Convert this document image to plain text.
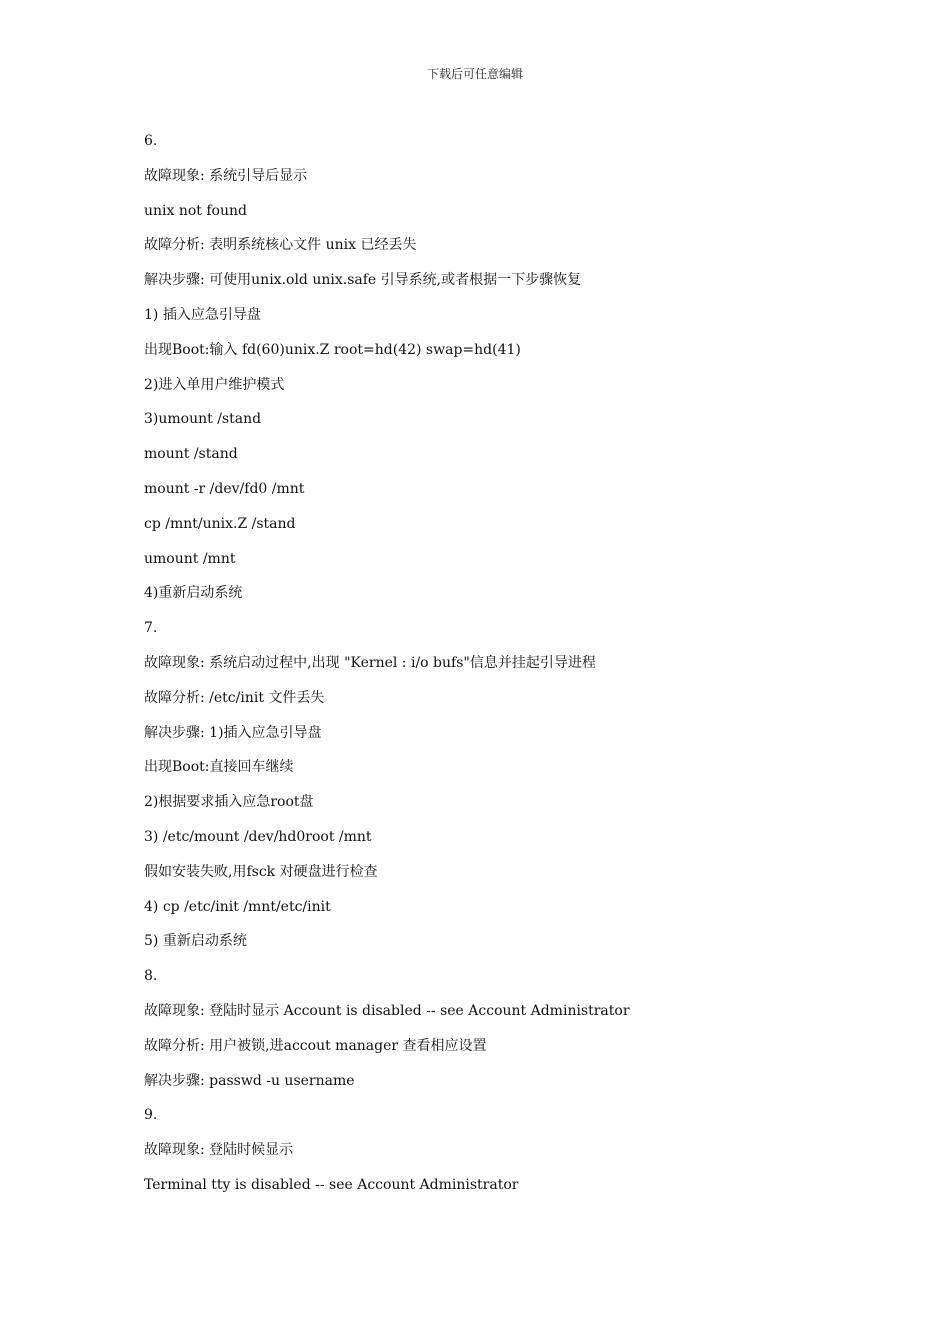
下载后可任意编辑
6.
故障现象: 系统引导后显示
unix not found
故障分析: 表明系统核心文件 unix 已经丢失
解决步骤: 可使用unix.old unix.safe 引导系统,或者根据一下步骤恢复
1) 插入应急引导盘
出现Boot:输入 fd(60)unix.Z root=hd(42) swap=hd(41)
2)进入单用户维护模式
3)umount /stand
mount /stand
mount -r /dev/fd0 /mnt
cp /mnt/unix.Z /stand
umount /mnt
4)重新启动系统
7.
故障现象: 系统启动过程中,出现 "Kernel : i/o bufs"信息并挂起引导进程
故障分析: /etc/init 文件丢失
解决步骤: 1)插入应急引导盘
出现Boot:直接回车继续
2)根据要求插入应急root盘
3) /etc/mount /dev/hd0root /mnt
假如安装失败,用fsck 对硬盘进行检查
4) cp /etc/init /mnt/etc/init
5) 重新启动系统
8.
故障现象: 登陆时显示 Account is disabled -- see Account Administrator
故障分析: 用户被锁,进accout manager 查看相应设置
解决步骤: passwd -u username
9.
故障现象: 登陆时候显示
Terminal tty is disabled -- see Account Administrator
